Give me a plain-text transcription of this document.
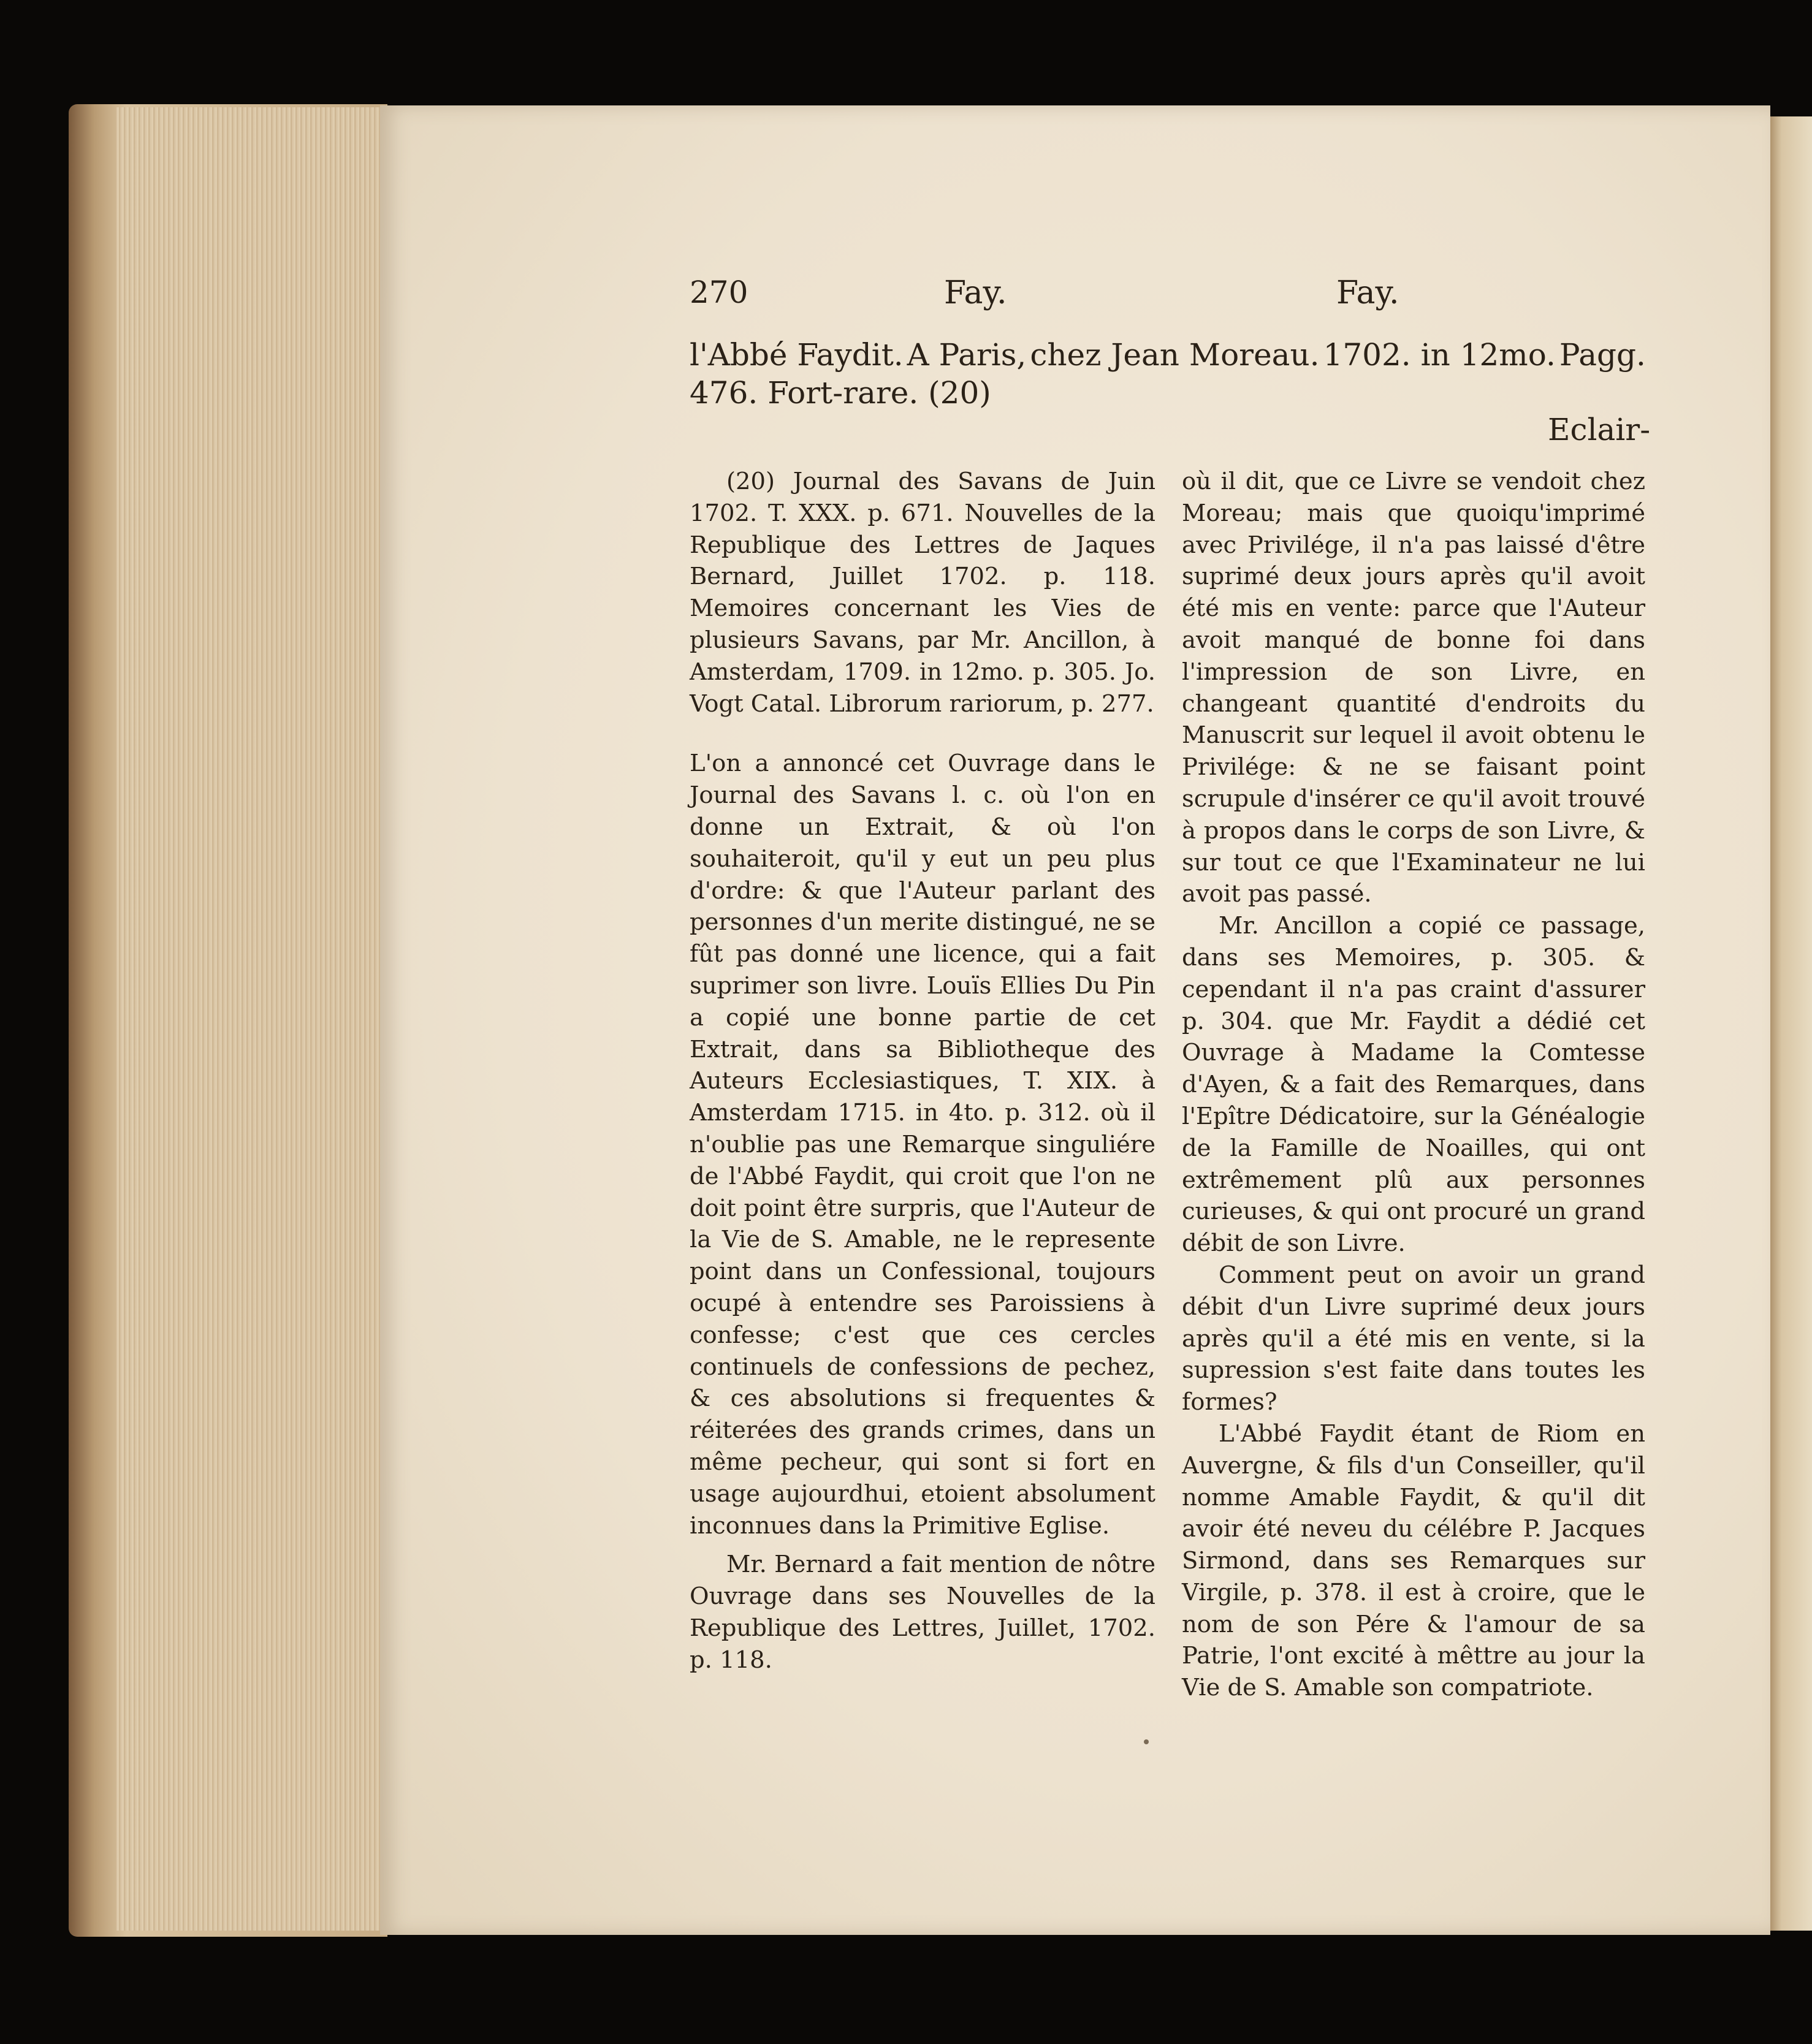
270	Fay.	Fay.
l'Abbé Faydit. A Paris, chez Jean Moreau. 1702. in 12mo. Pagg.
476. Fort-rare. (20)
Eclair-

(20) Journal des Savans de Juin 1702. T. XXX. p. 671. Nouvelles de la Republique des Lettres de Jaques Bernard, Juillet 1702. p. 118. Memoires concernant les Vies de plusieurs Savans, par Mr. Ancillon, à Amsterdam, 1709. in 12mo. p. 305. Jo. Vogt Catal. Librorum rariorum, p. 277.

L'on a annoncé cet Ouvrage dans le Journal des Savans l. c. où l'on en donne un Extrait, & où l'on souhaiteroit, qu'il y eut un peu plus d'ordre: & que l'Auteur parlant des personnes d'un merite distingué, ne se fût pas donné une licence, qui a fait suprimer son livre. Louïs Ellies Du Pin a copié une bonne partie de cet Extrait, dans sa Bibliotheque des Auteurs Ecclesiastiques, T. XIX. à Amsterdam 1715. in 4to. p. 312. où il n'oublie pas une Remarque singuliére de l'Abbé Faydit, qui croit que l'on ne doit point être surpris, que l'Auteur de la Vie de S. Amable, ne le represente point dans un Confessional, toujours ocupé à entendre ses Paroissiens à confesse; c'est que ces cercles continuels de confessions de pechez, & ces absolutions si frequentes & réiterées des grands crimes, dans un même pecheur, qui sont si fort en usage aujourdhui, etoient absolument inconnues dans la Primitive Eglise.

Mr. Bernard a fait mention de nôtre Ouvrage dans ses Nouvelles de la Republique des Lettres, Juillet, 1702. p. 118.

où il dit, que ce Livre se vendoit chez Moreau; mais que quoiqu'imprimé avec Privilége, il n'a pas laissé d'être suprimé deux jours après qu'il avoit été mis en vente: parce que l'Auteur avoit manqué de bonne foi dans l'impression de son Livre, en changeant quantité d'endroits du Manuscrit sur lequel il avoit obtenu le Privilége: & ne se faisant point scrupule d'insérer ce qu'il avoit trouvé à propos dans le corps de son Livre, & sur tout ce que l'Examinateur ne lui avoit pas passé.

Mr. Ancillon a copié ce passage, dans ses Memoires, p. 305. & cependant il n'a pas craint d'assurer p. 304. que Mr. Faydit a dédié cet Ouvrage à Madame la Comtesse d'Ayen, & a fait des Remarques, dans l'Epître Dédicatoire, sur la Généalogie de la Famille de Noailles, qui ont extrêmement plû aux personnes curieuses, & qui ont procuré un grand débit de son Livre.

Comment peut on avoir un grand débit d'un Livre suprimé deux jours après qu'il a été mis en vente, si la supression s'est faite dans toutes les formes?

L'Abbé Faydit étant de Riom en Auvergne, & fils d'un Conseiller, qu'il nomme Amable Faydit, & qu'il dit avoir été neveu du célébre P. Jacques Sirmond, dans ses Remarques sur Virgile, p. 378. il est à croire, que le nom de son Pére & l'amour de sa Patrie, l'ont excité à mêttre au jour la Vie de S. Amable son compatriote.
